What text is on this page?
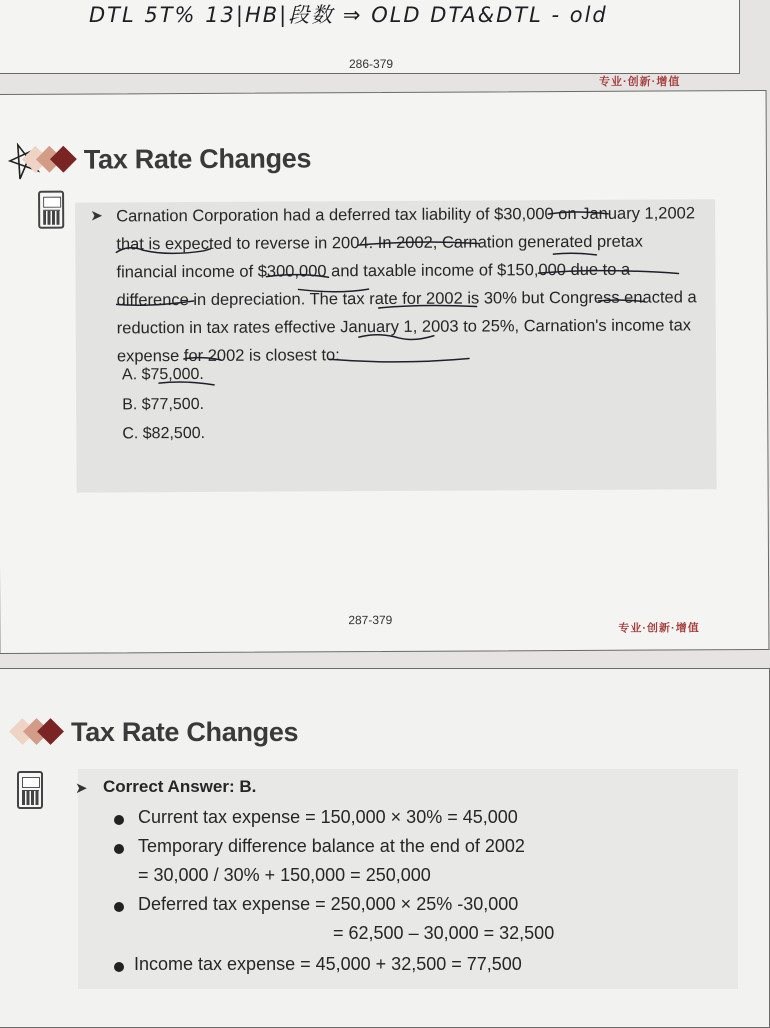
DTL 5T% 13|HB|段数 ⇒ OLD DTA&DTL - old
286-379
专业·创新·增值
Tax Rate Changes
➤ Carnation Corporation had a deferred tax liability of $30,000 on January 1,2002 that is expected to reverse in 2004. In 2002, Carnation generated pretax financial income of $300,000 and taxable income of $150,000 due to a difference in depreciation. The tax rate for 2002 is 30% but Congress enacted a reduction in tax rates effective January 1, 2003 to 25%, Carnation's income tax expense for 2002 is closest to:
A. $75,000.
B. $77,500.
C. $82,500.
287-379
专业·创新·增值
Tax Rate Changes
➤ Correct Answer: B.
Current tax expense = 150,000 × 30% = 45,000
Temporary difference balance at the end of 2002
= 30,000 / 30% + 150,000 = 250,000
Deferred tax expense = 250,000 × 25% -30,000
= 62,500 – 30,000 = 32,500
Income tax expense = 45,000 + 32,500 = 77,500
